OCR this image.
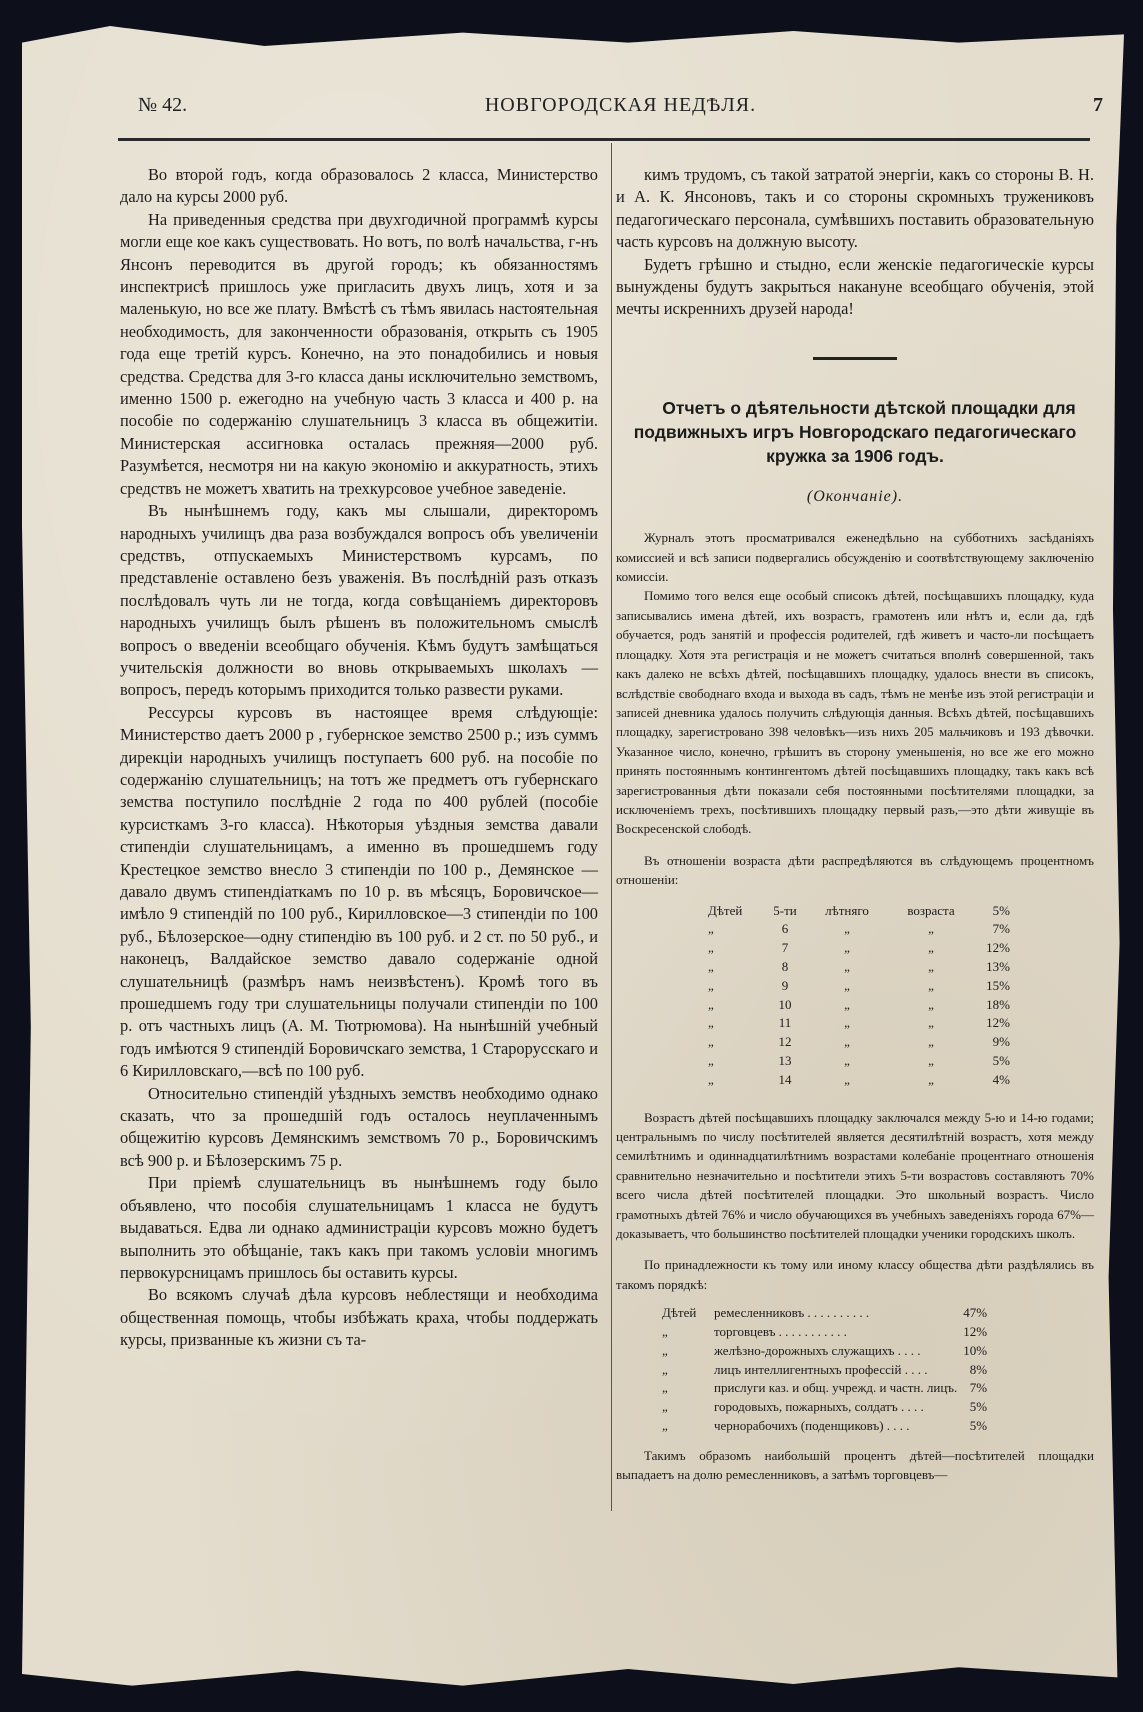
№ 42.	НОВГОРОДСКАЯ НЕДѢЛЯ.	7

Во второй годъ, когда образовалось 2 класса, Министерство дало на курсы 2000 руб.

На приведенныя средства при двухгодичной программѣ курсы могли еще кое какъ существовать. Но вотъ, по волѣ начальства, г-нъ Янсонъ переводится въ другой городъ; къ обязанностямъ инспектрисѣ пришлось уже пригласить двухъ лицъ, хотя и за маленькую, но все же плату. Вмѣстѣ съ тѣмъ явилась настоятельная необходимость, для законченности образованія, открыть съ 1905 года еще третій курсъ. Конечно, на это понадобились и новыя средства. Средства для 3-го класса даны исключительно земствомъ, именно 1500 р. ежегодно на учебную часть 3 класса и 400 р. на пособіе по содержанію слушательницъ 3 класса въ общежитіи. Министерская ассигновка осталась прежняя—2000 руб. Разумѣется, несмотря ни на какую экономію и аккуратность, этихъ средствъ не можетъ хватить на трехкурсовое учебное заведеніе.

Въ нынѣшнемъ году, какъ мы слышали, директоромъ народныхъ училищъ два раза возбуждался вопросъ объ увеличеніи средствъ, отпускаемыхъ Министерствомъ курсамъ, по представленіе оставлено безъ уваженія. Въ послѣдній разъ отказъ послѣдовалъ чуть ли не тогда, когда совѣщаніемъ директоровъ народныхъ училищъ былъ рѣшенъ въ положительномъ смыслѣ вопросъ о введеніи всеобщаго обученія. Кѣмъ будутъ замѣщаться учительскія должности во вновь открываемыхъ школахъ — вопросъ, передъ которымъ приходится только развести руками.

Рессурсы курсовъ въ настоящее время слѣдующіе: Министерство даетъ 2000 р , губернское земство 2500 р.; изъ суммъ дирекціи народныхъ училищъ поступаетъ 600 руб. на пособіе по содержанію слушательницъ; на тотъ же предметъ отъ губернскаго земства поступило послѣдніе 2 года по 400 рублей (пособіе курсисткамъ 3-го класса). Нѣкоторыя уѣздныя земства давали стипендіи слушательницамъ, а именно въ прошедшемъ году Крестецкое земство внесло 3 стипендіи по 100 р., Демянское — давало двумъ стипендіаткамъ по 10 р. въ мѣсяцъ, Боровичское—имѣло 9 стипендій по 100 руб., Кирилловское—3 стипендіи по 100 руб., Бѣлозерское—одну стипендію въ 100 руб. и 2 ст. по 50 руб., и наконецъ, Валдайское земство давало содержаніе одной слушательницѣ (размѣръ намъ неизвѣстенъ). Кромѣ того въ прошедшемъ году три слушательницы получали стипендіи по 100 р. отъ частныхъ лицъ (А. М. Тютрюмова). На нынѣшній учебный годъ имѣются 9 стипендій Боровичскаго земства, 1 Старорусскаго и 6 Кирилловскаго,—всѣ по 100 руб.

Относительно стипендій уѣздныхъ земствъ необходимо однако сказать, что за прошедшій годъ осталось неуплаченнымъ общежитію курсовъ Демянскимъ земствомъ 70 р., Боровичскимъ всѣ 900 р. и Бѣлозерскимъ 75 р.

При пріемѣ слушательницъ въ нынѣшнемъ году было объявлено, что пособія слушательницамъ 1 класса не будутъ выдаваться. Едва ли однако администраціи курсовъ можно будетъ выполнить это обѣщаніе, такъ какъ при такомъ условіи многимъ первокурсницамъ пришлось бы оставить курсы.

Во всякомъ случаѣ дѣла курсовъ неблестящи и необходима общественная помощь, чтобы избѣжать краха, чтобы поддержать курсы, призванные къ жизни съ та-

кимъ трудомъ, съ такой затратой энергіи, какъ со стороны В. Н. и А. К. Янсоновъ, такъ и со стороны скромныхъ тружениковъ педагогическаго персонала, сумѣвшихъ поставить образовательную часть курсовъ на должную высоту.

Будетъ грѣшно и стыдно, если женскіе педагогическіе курсы вынуждены будутъ закрыться накануне всеобщаго обученія, этой мечты искреннихъ друзей народа!

Отчетъ о дѣятельности дѣтской площадки для подвижныхъ игръ Новгородскаго педагогическаго кружка за 1906 годъ.

(Окончаніе).

Журналъ этотъ просматривался еженедѣльно на субботнихъ засѣданіяхъ комиссией и всѣ записи подвергались обсужденію и соотвѣтствующему заключенію комиссіи.

Помимо того велся еще особый списокъ дѣтей, посѣщавшихъ площадку, куда записывались имена дѣтей, ихъ возрастъ, грамотенъ или нѣтъ и, если да, гдѣ обучается, родъ занятій и профессія родителей, гдѣ живетъ и часто-ли посѣщаетъ площадку. Хотя эта регистрація и не можетъ считаться вполнѣ совершенной, такъ какъ далеко не всѣхъ дѣтей, посѣщавшихъ площадку, удалось внести въ списокъ, вслѣдствіе свободнаго входа и выхода въ садъ, тѣмъ не менѣе изъ этой регистраціи и записей дневника удалось получить слѣдующія данныя. Всѣхъ дѣтей, посѣщавшихъ площадку, зарегистровано 398 человѣкъ—изъ нихъ 205 мальчиковъ и 193 дѣвочки. Указанное число, конечно, грѣшитъ въ сторону уменьшенія, но все же его можно принять постояннымъ контингентомъ дѣтей посѣщавшихъ площадку, такъ какъ всѣ зарегистрованныя дѣти показали себя постоянными посѣтителями площадки, за исключеніемъ трехъ, посѣтившихъ площадку первый разъ,—это дѣти живущіе въ Воскресенской слободѣ.

Въ отношеніи возраста дѣти распредѣляются въ слѣдующемъ процентномъ отношеніи:

Дѣтей	5-ти	лѣтняго	возраста	5%
„	6	„	„	7%
„	7	„	„	12%
„	8	„	„	13%
„	9	„	„	15%
„	10	„	„	18%
„	11	„	„	12%
„	12	„	„	9%
„	13	„	„	5%
„	14	„	„	4%

Возрастъ дѣтей посѣщавшихъ площадку заключался между 5-ю и 14-ю годами; центральнымъ по числу посѣтителей является десятилѣтній возрастъ, хотя между семилѣтнимъ и одиннадцатилѣтнимъ возрастами колебаніе процентнаго отношенія сравнительно незначительно и посѣтители этихъ 5-ти возрастовъ составляютъ 70% всего числа дѣтей посѣтителей площадки. Это школьный возрастъ. Число грамотныхъ дѣтей 76% и число обучающихся въ учебныхъ заведеніяхъ города 67%—доказываетъ, что большинство посѣтителей площадки ученики городскихъ школъ.

По принадлежности къ тому или иному классу общества дѣти раздѣлялись въ такомъ порядкѣ:

Дѣтей	ремесленниковъ . . . . . . . . . .	47%
„	торговцевъ . . . . . . . . . . .	12%
„	желѣзно-дорожныхъ служащихъ . . . .	10%
„	лицъ интеллигентныхъ профессій . . . .	8%
„	прислуги каз. и общ. учрежд. и частн. лицъ.	7%
„	городовыхъ, пожарныхъ, солдатъ . . . .	5%
„	чернорабочихъ (поденщиковъ) . . . .	5%

Такимъ образомъ наибольшій процентъ дѣтей—посѣтителей площадки выпадаетъ на долю ремесленниковъ, а затѣмъ торговцевъ—
